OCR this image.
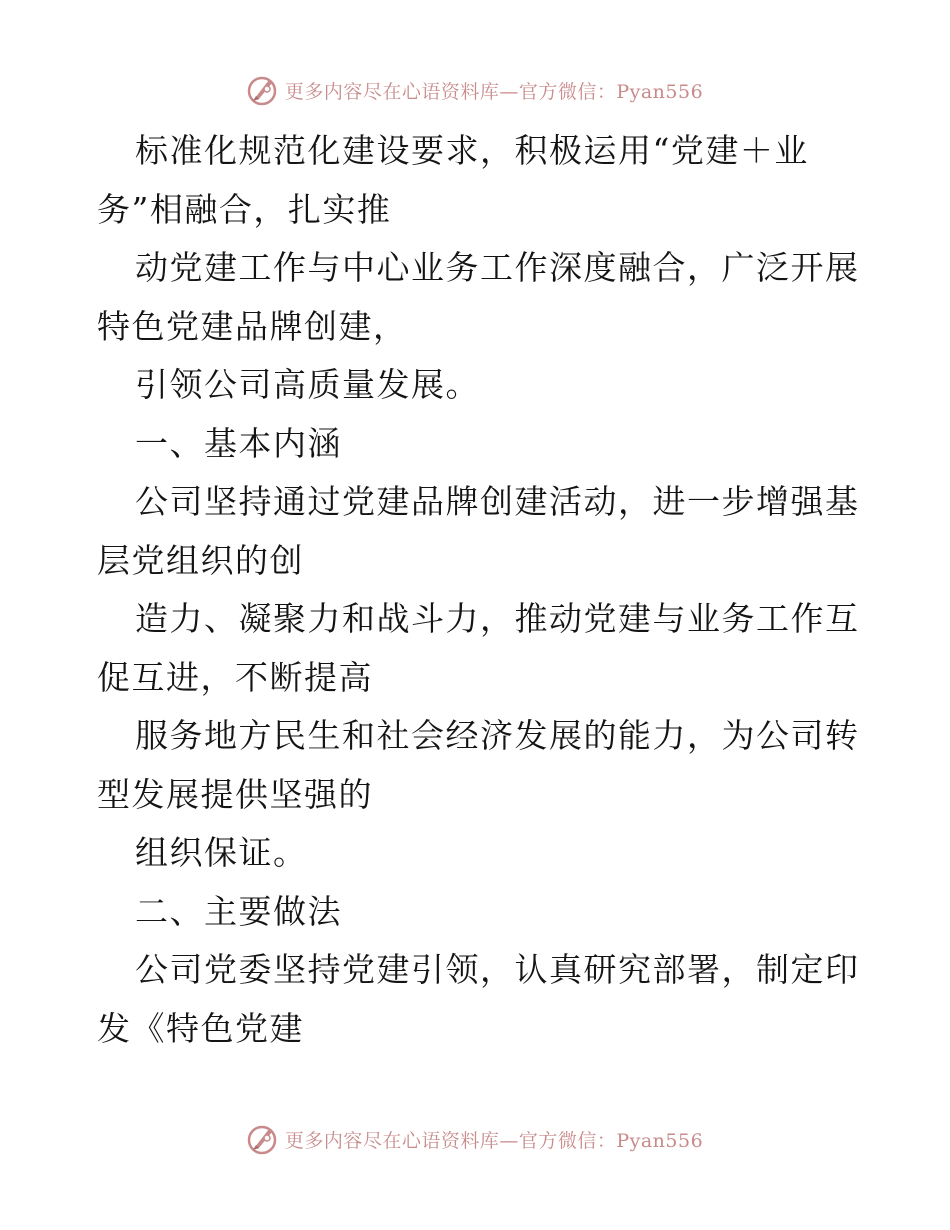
更多内容尽在心语资料库—官方微信：Pyan556
标准化规范化建设要求，积极运用“党建＋业
务”相融合，扎实推
动党建工作与中心业务工作深度融合，广泛开展
特色党建品牌创建，
引领公司高质量发展。
一、基本内涵
公司坚持通过党建品牌创建活动，进一步增强基
层党组织的创
造力、凝聚力和战斗力，推动党建与业务工作互
促互进，不断提高
服务地方民生和社会经济发展的能力，为公司转
型发展提供坚强的
组织保证。
二、主要做法
公司党委坚持党建引领，认真研究部署，制定印
发《特色党建
更多内容尽在心语资料库—官方微信：Pyan556
